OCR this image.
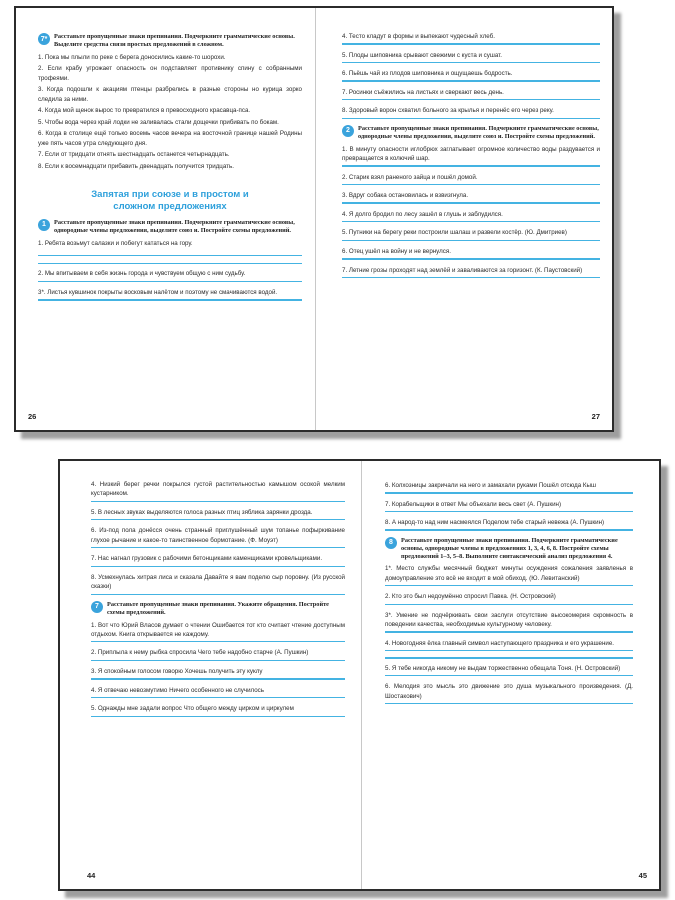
7*	Расставьте пропущенные знаки препинания. Подчеркните грамматические основы. Выделите средства связи простых предложений в сложном.
1. Пока мы плыли по реке с берега доносились какие-то шорохи.
2. Если крабу угрожает опасность он подставляет противнику спину с собранными трофеями.
3. Когда подошли к акациям птенцы разбрелись в разные стороны но курица зорко следила за ними.
4. Когда мой щенок вырос то превратился в превосходного красавца-пса.
5. Чтобы вода через край лодки не заливалась стали дощечки прибивать по бокам.
6. Когда в столице ещё только восемь часов вечера на восточной границе нашей Родины уже пять часов утра следующего дня.
7. Если от тридцати отнять шестнадцать останется четырнадцать.
8. Если к восемнадцати прибавить двенадцать получится тридцать.
Запятая при союзе и в простом и сложном предложениях
1	Расставьте пропущенные знаки препинания. Подчеркните грамматические основы, однородные члены предложения, выделите союз и. Постройте схемы предложений.
1. Ребята возьмут салазки и побегут кататься на гору.
2. Мы впитываем в себя жизнь города и чувствуем общую с ним судьбу.
3*. Листья кувшинок покрыты восковым налётом и поэтому не смачиваются водой.
26
4. Тесто кладут в формы и выпекают чудесный хлеб.
5. Плоды шиповника срывают свежими с куста и сушат.
6. Пьёшь чай из плодов шиповника и ощущаешь бодрость.
7. Росинки съёжились на листьях и сверкают весь день.
8. Здоровый ворон схватил больного за крылья и перенёс его через реку.
2	Расставьте пропущенные знаки препинания. Подчеркните грамматические основы, однородные члены предложения, выделите союз и. Постройте схемы предложений.
1. В минуту опасности иглобрюх заглатывает огромное количество воды раздувается и превращается в колючий шар.
2. Старик взял раненого зайца и пошёл домой.
3. Вдруг собака остановилась и взвизгнула.
4. Я долго бродил по лесу зашёл в глушь и заблудился.
5. Путники на берегу реки построили шалаш и развели костёр. (Ю. Дмитриев)
6. Отец ушёл на войну и не вернулся.
7. Летние грозы проходят над землёй и заваливаются за горизонт. (К. Паустовский)
27
4. Низкий берег речки покрылся густой растительностью камышом осокой мелким кустарником.
5. В лесных звуках выделяются голоса разных птиц зяблика зарянки дрозда.
6. Из-под пола донёсся очень странный приглушённый шум топанье пофыркивание глухое рычание и какое-то таинственное бормотание. (Ф. Моуэт)
7. Нас нагнал грузовик с рабочими бетонщиками каменщиками кровельщиками.
8. Усмехнулась хитрая лиса и сказала Давайте я вам поделю сыр поровну. (Из русской сказки)
7	Расставьте пропущенные знаки препинания. Укажите обращения. Постройте схемы предложений.
1. Вот что Юрий Власов думает о чтении Ошибается тот кто считает чтение доступным отдыхом. Книга открывается не каждому.
2. Приплыла к нему рыбка спросила Чего тебе надобно старче (А. Пушкин)
3. Я спокойным голосом говорю Хочешь получить эту куклу
4. Я отвечаю невозмутимо Ничего особенного не случилось
5. Однажды мне задали вопрос Что общего между цирком и циркулем
44
6. Колхозницы закричали на него и замахали руками Пошёл отсюда Кыш
7. Корабельщики в ответ Мы объехали весь свет (А. Пушкин)
8. А народ-то над ним насмеялся Поделом тебе старый невежа (А. Пушкин)
8	Расставьте пропущенные знаки препинания. Подчеркните грамматические основы, однородные члены в предложениях 1, 3, 4, 6, 8. Постройте схемы предложений 1–3, 5–8. Выполните синтаксический анализ предложения 4.
1*. Место службы месячный бюджет минуты осуждения сожаления заявленья в домоуправление это всё не входит в мой обиход. (Ю. Левитанский)
2. Кто это был недоумённо спросил Павка. (Н. Островский)
3*. Умение не подчёркивать свои заслуги отсутствие высокомерия скромность в поведении качества, необходимые культурному человеку.
4. Новогодняя ёлка главный символ наступающего праздника и его украшение.
5. Я тебе никогда никому не выдам торжественно обещала Тоня. (Н. Островский)
6. Мелодия это мысль это движение это душа музыкального произведения. (Д. Шостакович)
45
